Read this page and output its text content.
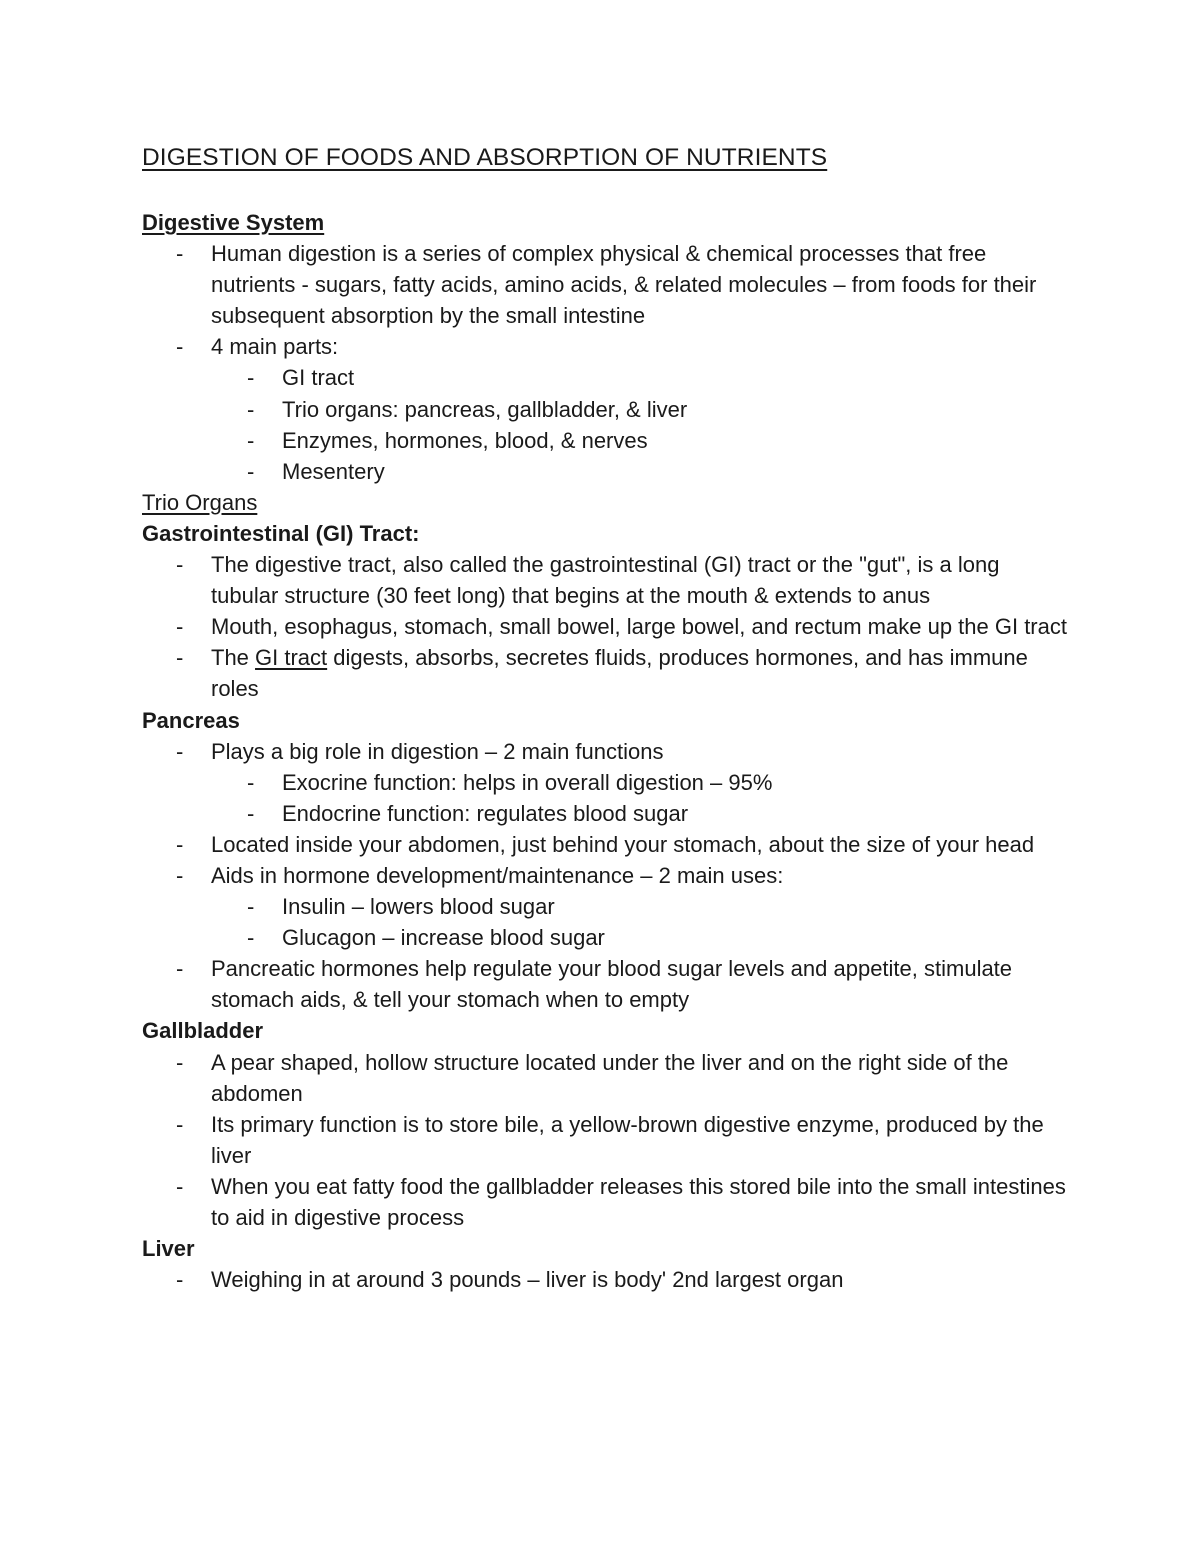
DIGESTION OF FOODS AND ABSORPTION OF NUTRIENTS

Digestive System

- Human digestion is a series of complex physical & chemical processes that free nutrients - sugars, fatty acids, amino acids, & related molecules – from foods for their subsequent absorption by the small intestine

- 4 main parts:

- GI tract

- Trio organs: pancreas, gallbladder, & liver

- Enzymes, hormones, blood, & nerves

- Mesentery

Trio Organs

Gastrointestinal (GI) Tract:

- The digestive tract, also called the gastrointestinal (GI) tract or the "gut", is a long tubular structure (30 feet long) that begins at the mouth & extends to anus

- Mouth, esophagus, stomach, small bowel, large bowel, and rectum make up the GI tract

- The GI tract digests, absorbs, secretes fluids, produces hormones, and has immune roles

Pancreas

- Plays a big role in digestion – 2 main functions

- Exocrine function: helps in overall digestion – 95%

- Endocrine function: regulates blood sugar

- Located inside your abdomen, just behind your stomach, about the size of your head

- Aids in hormone development/maintenance – 2 main uses:

- Insulin – lowers blood sugar

- Glucagon – increase blood sugar

- Pancreatic hormones help regulate your blood sugar levels and appetite, stimulate stomach aids, & tell your stomach when to empty

Gallbladder

- A pear shaped, hollow structure located under the liver and on the right side of the abdomen

- Its primary function is to store bile, a yellow-brown digestive enzyme, produced by the liver

- When you eat fatty food the gallbladder releases this stored bile into the small intestines to aid in digestive process

Liver

- Weighing in at around 3 pounds – liver is body' 2nd largest organ
